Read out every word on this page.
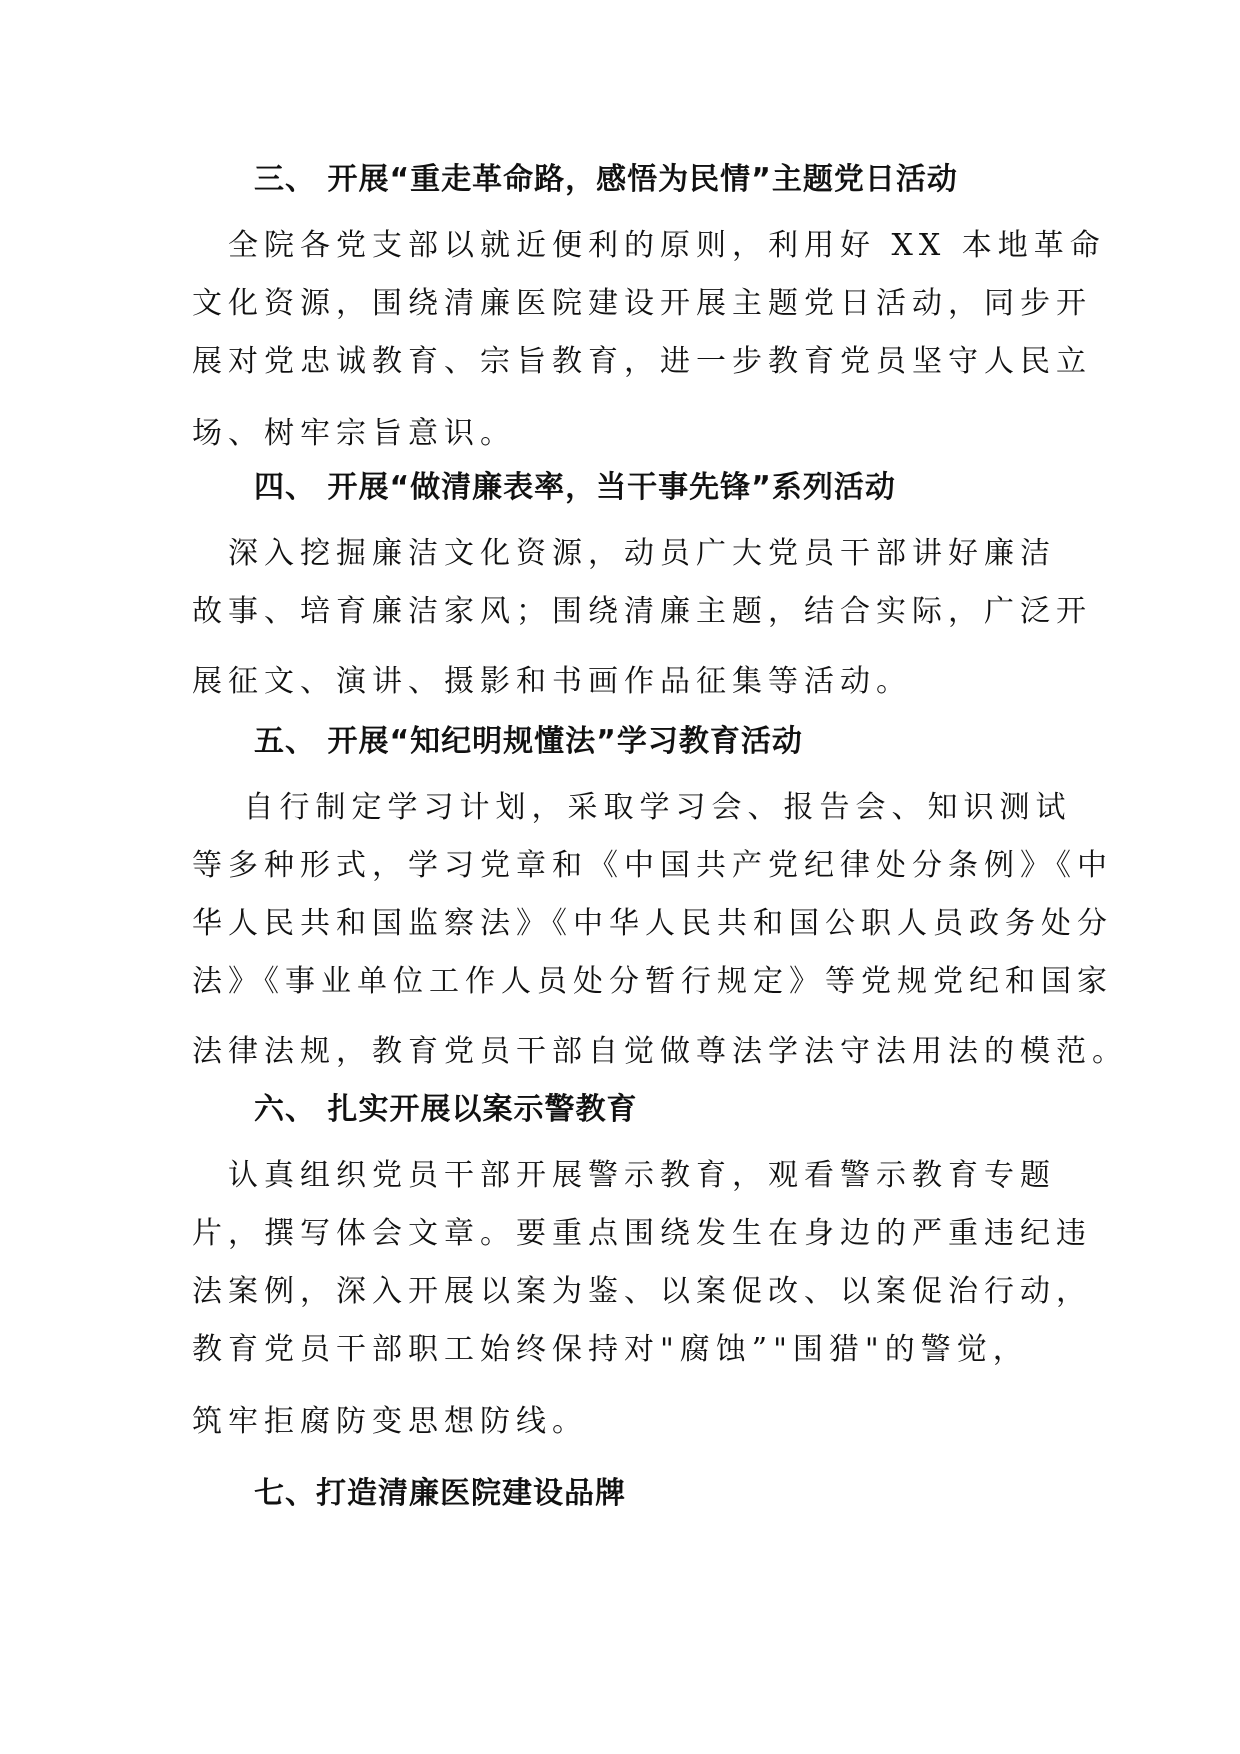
三、 开展“重走革命路，感悟为民情”主题党日活动
　全院各党支部以就近便利的原则，利用好 XX 本地革命
文化资源，围绕清廉医院建设开展主题党日活动，同步开
展对党忠诚教育、宗旨教育，进一步教育党员坚守人民立
场、树牢宗旨意识。
四、 开展“做清廉表率，当干事先锋”系列活动
　深入挖掘廉洁文化资源，动员广大党员干部讲好廉洁
故事、培育廉洁家风；围绕清廉主题，结合实际，广泛开
展征文、演讲、摄影和书画作品征集等活动。
五、 开展“知纪明规懂法”学习教育活动
　 自行制定学习计划，采取学习会、报告会、知识测试
等多种形式，学习党章和《中国共产党纪律处分条例》《中
华人民共和国监察法》《中华人民共和国公职人员政务处分
法》《事业单位工作人员处分暂行规定》等党规党纪和国家
法律法规，教育党员干部自觉做尊法学法守法用法的模范。
六、 扎实开展以案示警教育
　认真组织党员干部开展警示教育，观看警示教育专题
片，撰写体会文章。要重点围绕发生在身边的严重违纪违
法案例，深入开展以案为鉴、以案促改、以案促治行动，
教育党员干部职工始终保持对"腐蚀”"围猎"的警觉，
筑牢拒腐防变思想防线。
七、打造清廉医院建设品牌
